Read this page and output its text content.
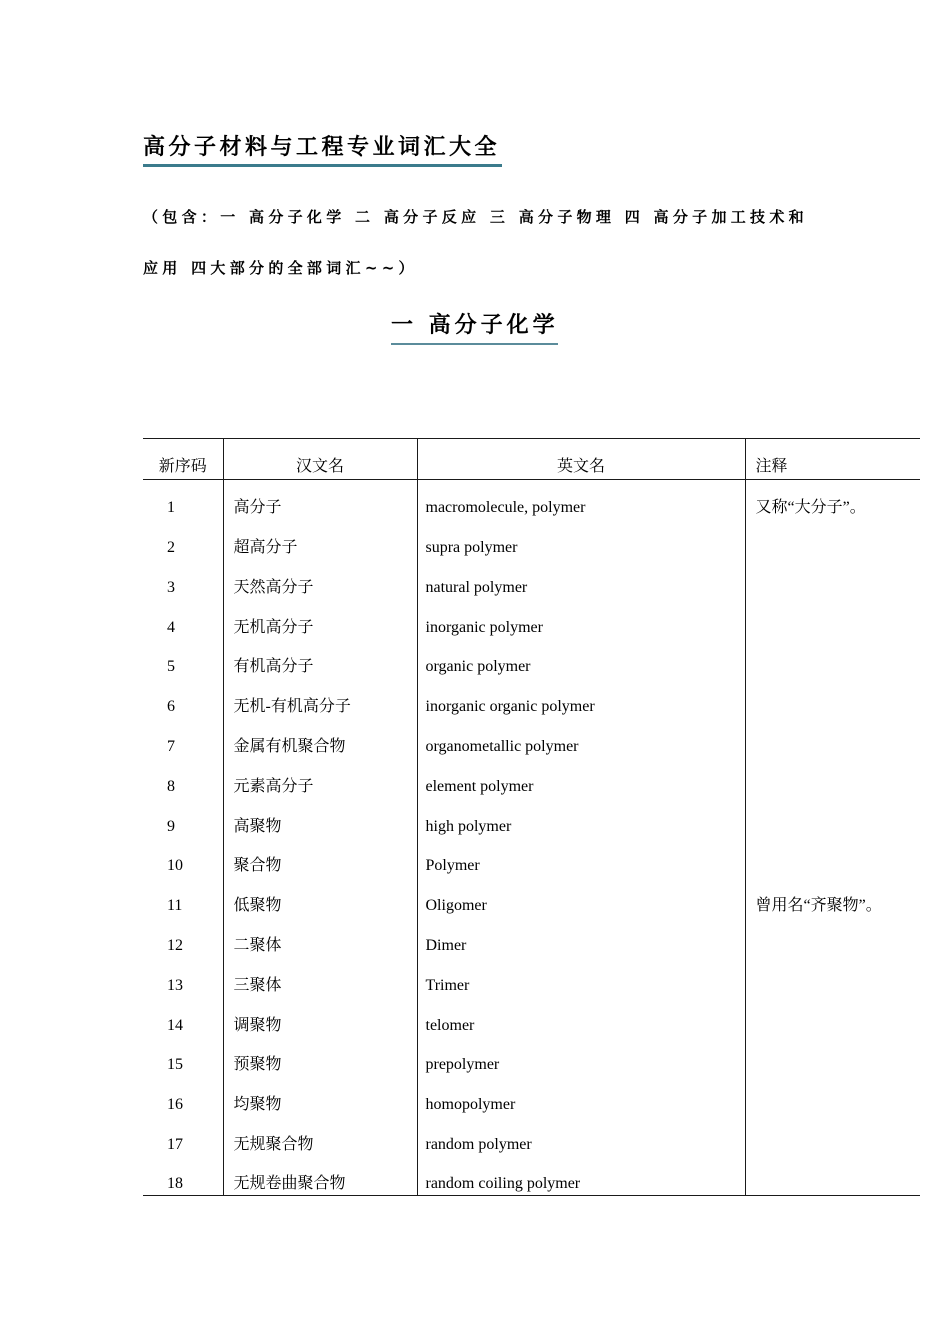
高分子材料与工程专业词汇大全

（包含：一 高分子化学 二 高分子反应 三 高分子物理 四 高分子加工技术和

应用 四大部分的全部词汇~~）

一 高分子化学
新序码	汉文名	英文名	注释
1	高分子	macromolecule, polymer	又称“大分子”。
2	超高分子	supra polymer	
3	天然高分子	natural polymer	
4	无机高分子	inorganic polymer	
5	有机高分子	organic polymer	
6	无机-有机高分子	inorganic organic polymer	
7	金属有机聚合物	organometallic polymer	
8	元素高分子	element polymer	
9	高聚物	high polymer	
10	聚合物	Polymer	
11	低聚物	Oligomer	曾用名“齐聚物”。
12	二聚体	Dimer	
13	三聚体	Trimer	
14	调聚物	telomer	
15	预聚物	prepolymer	
16	均聚物	homopolymer	
17	无规聚合物	random polymer	
18	无规卷曲聚合物	random coiling polymer	
